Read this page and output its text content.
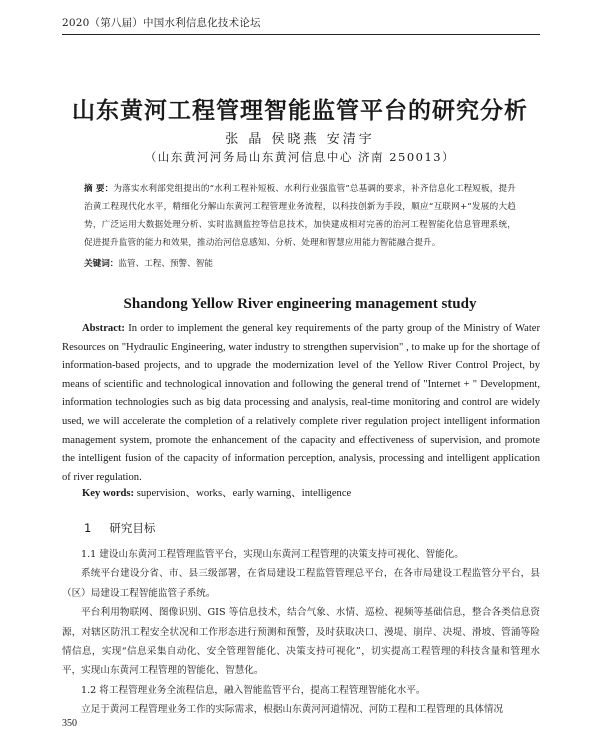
2020（第八届）中国水利信息化技术论坛
山东黄河工程管理智能监管平台的研究分析
张 晶 侯晓燕 安清宇
（山东黄河河务局山东黄河信息中心 济南 250013）
摘 要：为落实水利部党组提出的“水利工程补短板、水利行业强监管”总基调的要求，补齐信息化工程短板，提升治黄工程现代化水平，精细化分解山东黄河工程管理业务流程，以科技创新为手段，顺应“互联网+”发展的大趋势，广泛运用大数据处理分析、实时监测监控等信息技术，加快建成相对完善的治河工程智能化信息管理系统，促进提升监管的能力和效果，推动治河信息感知、分析、处理和智慧应用能力智能融合提升。
关键词：监管、工程、预警、智能
Shandong Yellow River engineering management study
Abstract: In order to implement the general key requirements of the party group of the Ministry of Water Resources on "Hydraulic Engineering, water industry to strengthen supervision" , to make up for the shortage of information-based projects, and to upgrade the modernization level of the Yellow River Control Project, by means of scientific and technological innovation and following the general trend of "Internet + " Development, information technologies such as big data processing and analysis, real-time monitoring and control are widely used, we will accelerate the completion of a relatively complete river regulation project intelligent information management system, promote the enhancement of the capacity and effectiveness of supervision, and promote the intelligent fusion of the capacity of information perception, analysis, processing and intelligent application of river regulation.
Key words: supervision、works、early warning、intelligence
1 研究目标

1.1 建设山东黄河工程管理监管平台，实现山东黄河工程管理的决策支持可视化、智能化。

系统平台建设分省、市、县三级部署，在省局建设工程监管管理总平台，在各市局建设工程监管分平台，县（区）局建设工程智能监管子系统。

平台利用物联网、图像识别、GIS 等信息技术，结合气象、水情、巡检、视频等基础信息，整合各类信息资源，对辖区防汛工程安全状况和工作形态进行预测和预警，及时获取决口、漫堤、崩岸、决堤、滑坡、管涌等险情信息，实现“信息采集自动化、安全管理智能化、决策支持可视化”，切实提高工程管理的科技含量和管理水平，实现山东黄河工程管理的智能化、智慧化。

1.2 将工程管理业务全流程信息，融入智能监管平台，提高工程管理智能化水平。

立足于黄河工程管理业务工作的实际需求，根据山东黄河河道情况、河防工程和工程管理的具体情况

350
